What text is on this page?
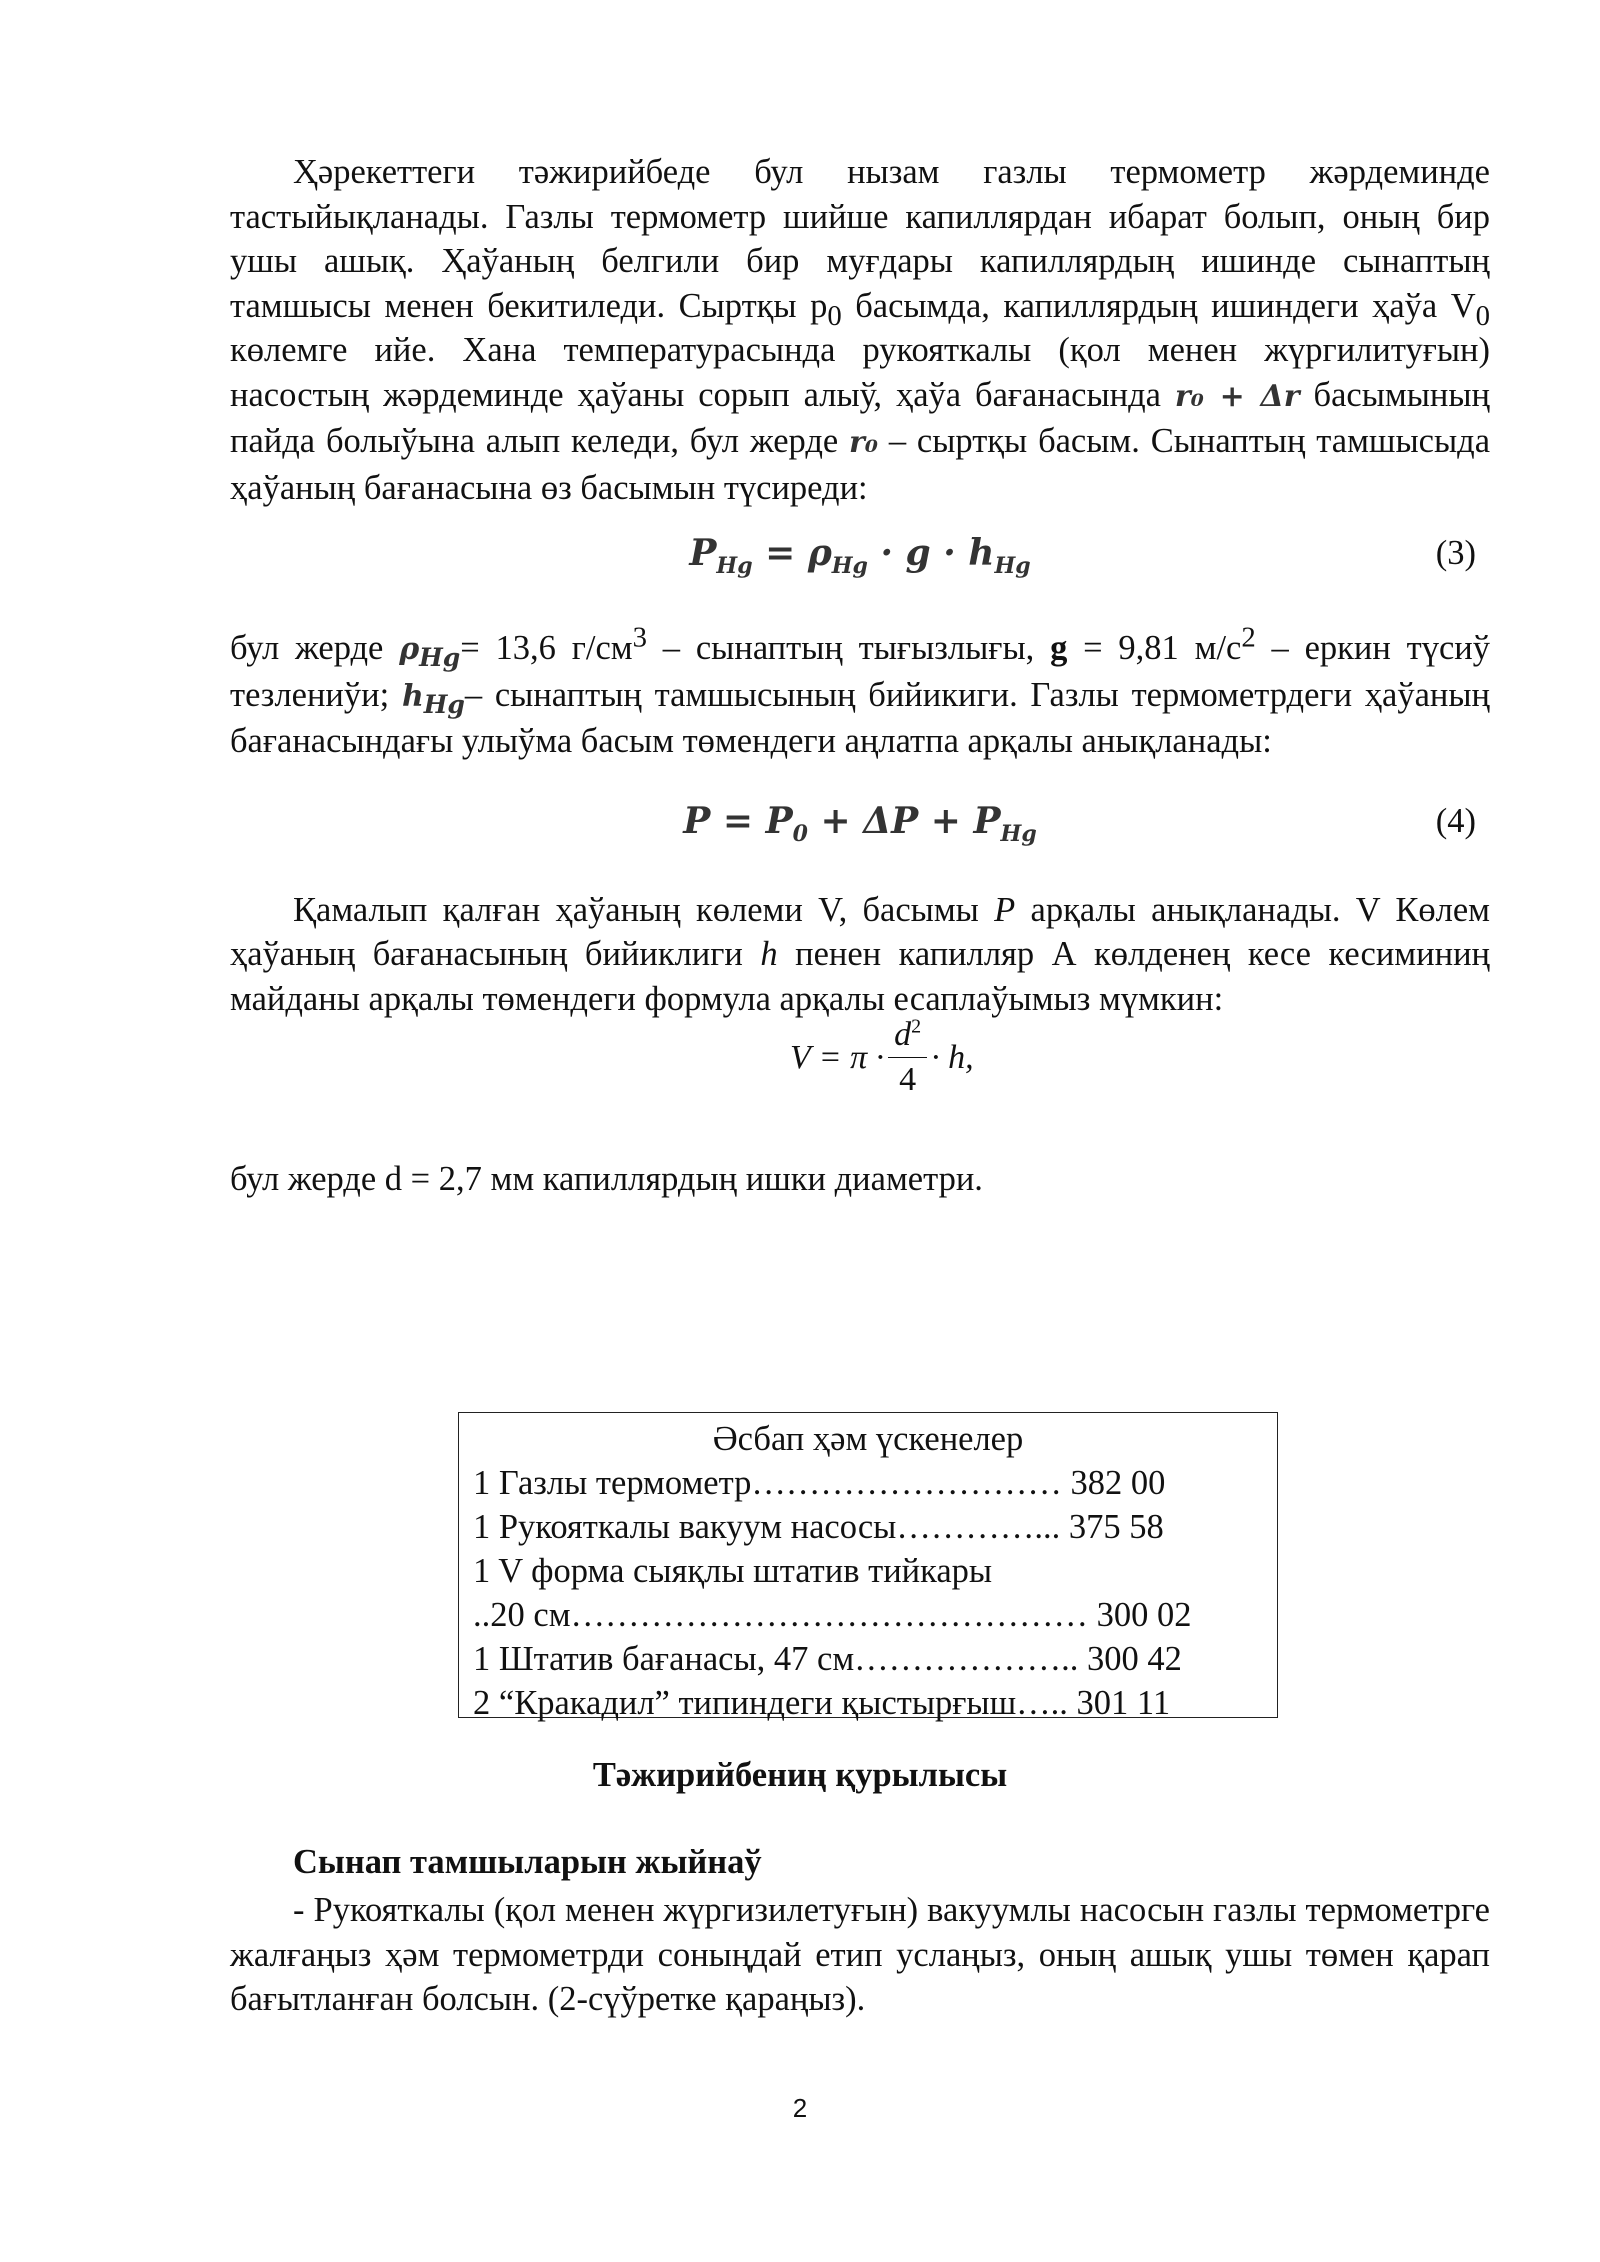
Ҳәрекеттеги тәжирийбеде бул нызам газлы термометр жәрдеминде тастыйықланады. Газлы термометр шийше капиллярдан ибарат болып, оның бир ушы ашық. Ҳаўаның белгили бир муғдары капиллярдың ишинде сынаптың тамшысы менен бекитиледи. Сыртқы $р_0$ басымда, капиллярдың ишиндеги ҳаўа $V_0$ көлемге ийе. Хана температурасында рукояткалы (қол менен жүргилитуғын) насостың жәрдеминде ҳаўаны сорып алыў, ҳаўа бағанасында r₀ + Δr басымының пайда болыўына алып келеди, бул жерде r₀ – сыртқы басым. Сынаптың тамшысыда ҳаўаның бағанасына өз басымын түсиреди:

$P_{Hg} = \rho_{Hg} \cdot g \cdot h_{Hg}$	(3)

бул жерде $\rho_{Hg}= 13,6$ $г/см^3$ – сынаптың тығызлығы, g = 9,81 $м/с^2$ – еркин түсиў тезлениўи; $h_{Hg}-$ сынаптың тамшысының бийикиги. Газлы термометрдеги ҳаўаның бағанасындағы улыўма басым төмендеги аңлатпа арқалы анықланады:

$P = P_0 + \Delta P + P_{Hg}$	(4)

Қамалып қалған ҳаўаның көлеми V, басымы P арқалы анықланады. V Көлем ҳаўаның бағанасының бийиклиги h пенен капилляр А көлденең кесе кесиминиң майданы арқалы төмендеги формула арқалы есаплаўымыз мүмкин:

$V = \pi \cdot \frac{d^2}{4} \cdot h$,

бул жерде d = 2,7 мм капиллярдың ишки диаметри.

Әсбап ҳәм үскенелер
1 Газлы термометр……………………… 382 00
1 Рукояткалы вакуум насосы…………... 375 58
1 V форма сыяқлы штатив тийкары
..20 см……………………………………… 300 02
1 Штатив бағанасы, 47 см……………….. 300 42
2 “Кракадил” типиндеги қыстырғыш….. 301 11
Тәжирийбениң қурылысы
Сынап тамшыларын жыйнаў

- Рукояткалы (қол менен жүргизилетуғын) вакуумлы насосын газлы термометрге жалғаңыз ҳәм термометрди соныңдай етип услаңыз, оның ашық ушы төмен қарап бағытланған болсын. (2-сүўретке қараңыз).

2
